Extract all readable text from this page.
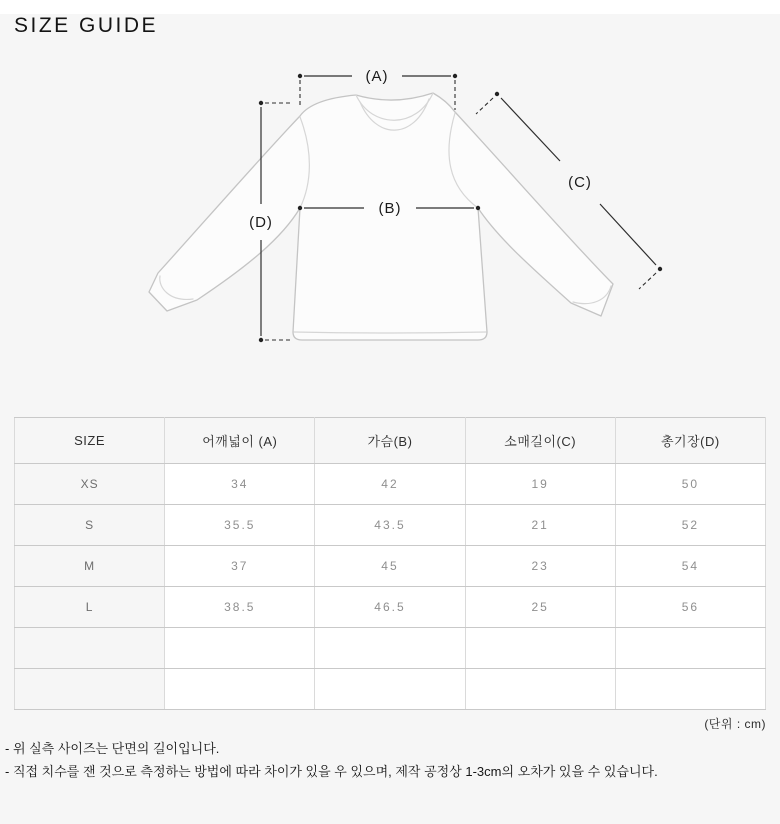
SIZE GUIDE
(A)
(B)
(C)
(D)
SIZE	어깨넓이 (A)	가슴(B)	소매길이(C)	총기장(D)
XS	34	42	19	50
S	35.5	43.5	21	52
M	37	45	23	54
L	38.5	46.5	25	56

(단위 : cm)
- 위 실측 사이즈는 단면의 길이입니다.
- 직접 치수를 잰 것으로 측정하는 방법에 따라 차이가 있을 우 있으며, 제작 공정상 1-3cm의 오차가 있을 수 있습니다.
